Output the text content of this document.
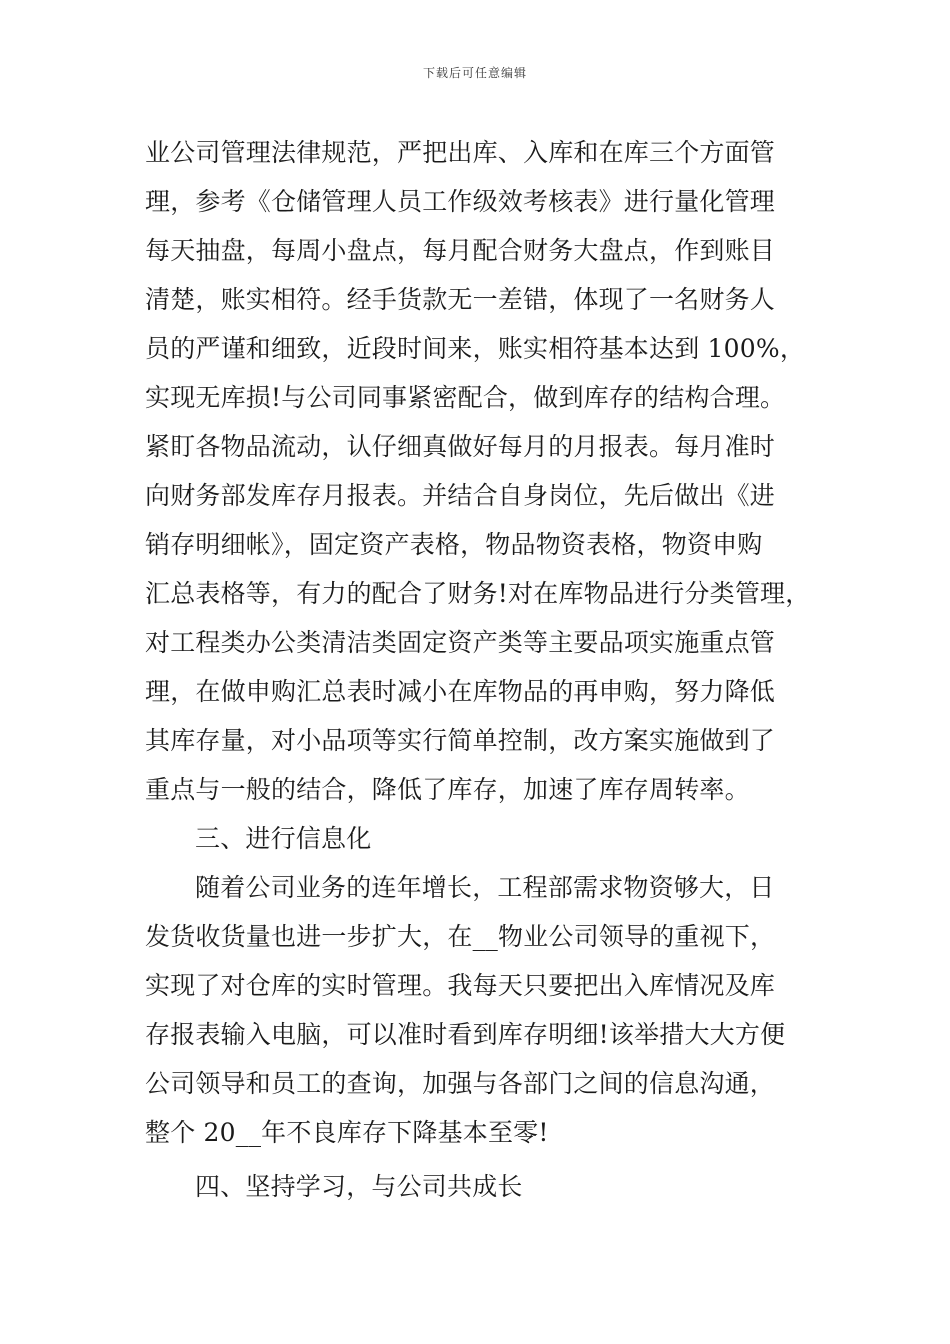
下载后可任意编辑
业公司管理法律规范，严把出库、入库和在库三个方面管
理，参考《仓储管理人员工作级效考核表》进行量化管理
每天抽盘，每周小盘点，每月配合财务大盘点，作到账目
清楚，账实相符。经手货款无一差错，体现了一名财务人
员的严谨和细致，近段时间来，账实相符基本达到 100%，
实现无库损!与公司同事紧密配合，做到库存的结构合理。
紧盯各物品流动，认仔细真做好每月的月报表。每月准时
向财务部发库存月报表。并结合自身岗位，先后做出《进
销存明细帐》，固定资产表格，物品物资表格，物资申购
汇总表格等，有力的配合了财务!对在库物品进行分类管理，
对工程类办公类清洁类固定资产类等主要品项实施重点管
理，在做申购汇总表时减小在库物品的再申购，努力降低
其库存量，对小品项等实行简单控制，改方案实施做到了
重点与一般的结合，降低了库存，加速了库存周转率。
三、进行信息化
随着公司业务的连年增长，工程部需求物资够大，日
发货收货量也进一步扩大，在__物业公司领导的重视下，
实现了对仓库的实时管理。我每天只要把出入库情况及库
存报表输入电脑，可以准时看到库存明细!该举措大大方便
公司领导和员工的查询，加强与各部门之间的信息沟通，
整个 20__年不良库存下降基本至零!
四、坚持学习，与公司共成长
